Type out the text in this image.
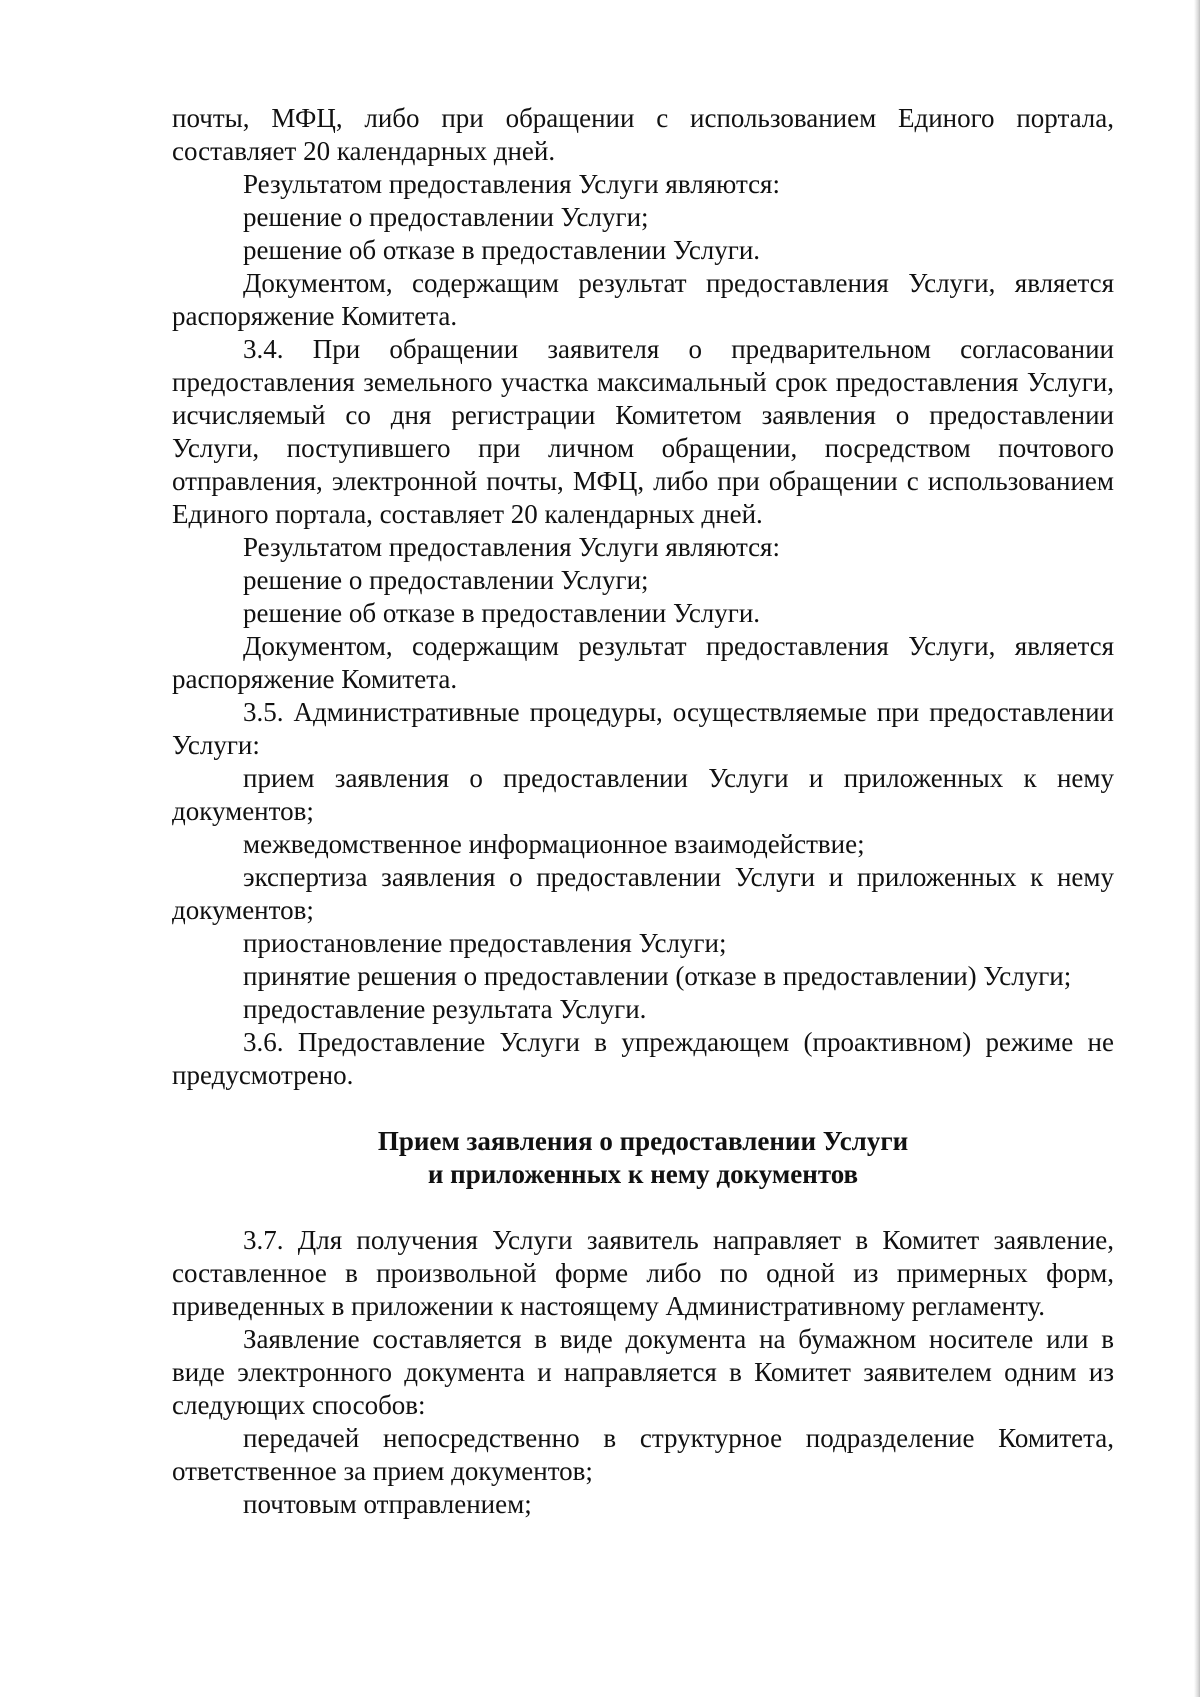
почты, МФЦ, либо при обращении с использованием Единого портала, составляет 20 календарных дней.

Результатом предоставления Услуги являются:

решение о предоставлении Услуги;

решение об отказе в предоставлении Услуги.

Документом, содержащим результат предоставления Услуги, является распоряжение Комитета.

3.4. При обращении заявителя о предварительном согласовании предоставления земельного участка максимальный срок предоставления Услуги, исчисляемый со дня регистрации Комитетом заявления о предоставлении Услуги, поступившего при личном обращении, посредством почтового отправления, электронной почты, МФЦ, либо при обращении с использованием Единого портала, составляет 20 календарных дней.

Результатом предоставления Услуги являются:

решение о предоставлении Услуги;

решение об отказе в предоставлении Услуги.

Документом, содержащим результат предоставления Услуги, является распоряжение Комитета.

3.5. Административные процедуры, осуществляемые при предоставлении Услуги:

прием заявления о предоставлении Услуги и приложенных к нему документов;

межведомственное информационное взаимодействие;

экспертиза заявления о предоставлении Услуги и приложенных к нему документов;

приостановление предоставления Услуги;

принятие решения о предоставлении (отказе в предоставлении) Услуги;

предоставление результата Услуги.

3.6. Предоставление Услуги в упреждающем (проактивном) режиме не предусмотрено.

Прием заявления о предоставлении Услуги
и приложенных к нему документов

3.7. Для получения Услуги заявитель направляет в Комитет заявление, составленное в произвольной форме либо по одной из примерных форм, приведенных в приложении к настоящему Административному регламенту.

Заявление составляется в виде документа на бумажном носителе или в виде электронного документа и направляется в Комитет заявителем одним из следующих способов:

передачей непосредственно в структурное подразделение Комитета, ответственное за прием документов;

почтовым отправлением;
